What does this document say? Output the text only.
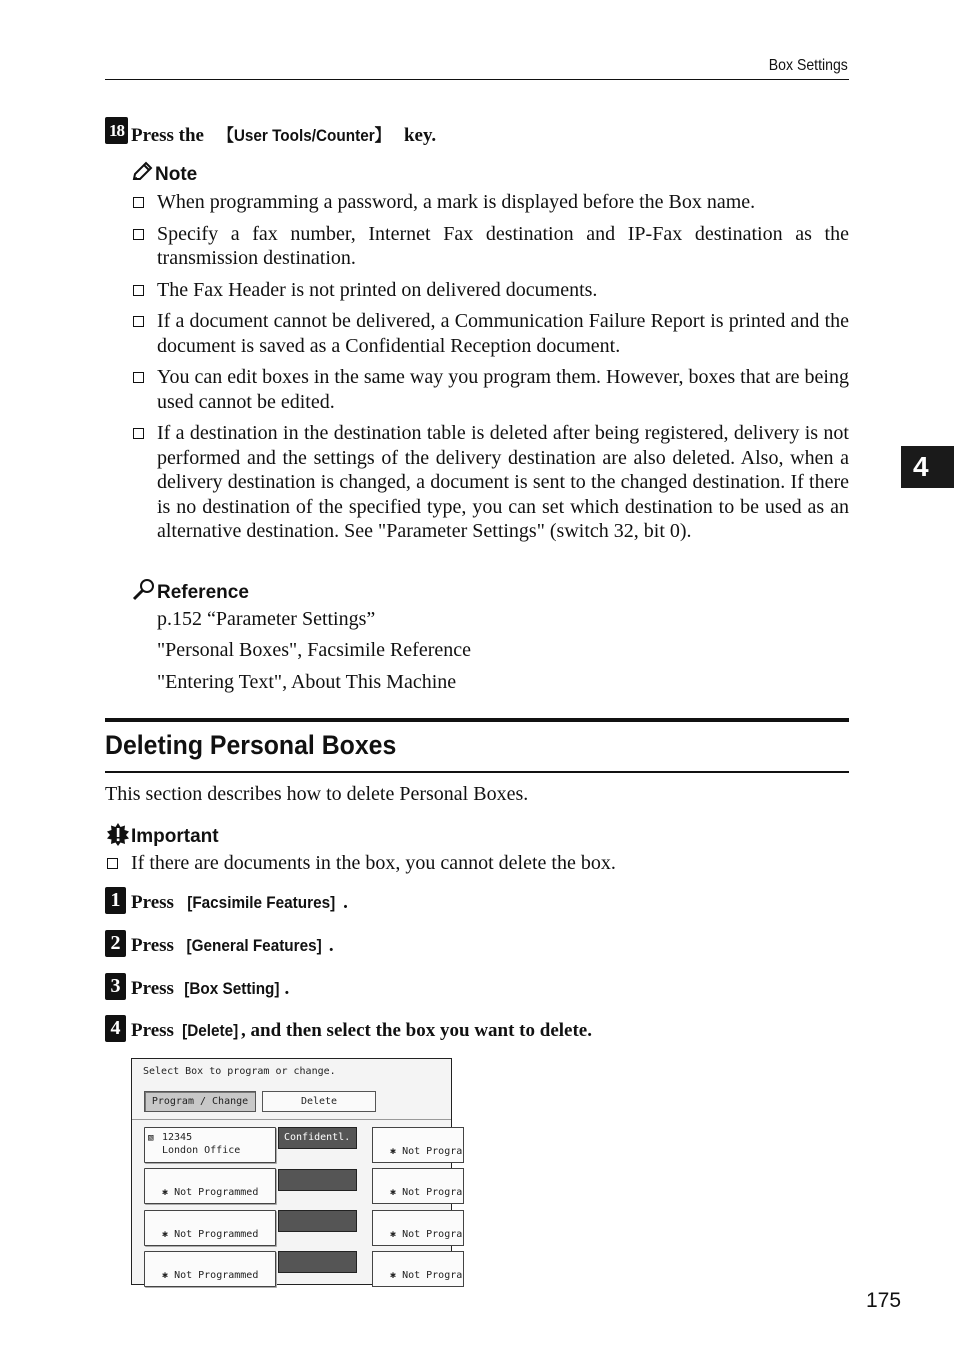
Box Settings
18 Press the 【User Tools/Counter】 key.
Note
When programming a password, a mark is displayed before the Box name.
Specify a fax number, Internet Fax destination and IP-Fax destination as the transmission destination.
The Fax Header is not printed on delivered documents.
If a document cannot be delivered, a Communication Failure Report is printed and the document is saved as a Confidential Reception document.
You can edit boxes in the same way you program them. However, boxes that are being used cannot be edited.
If a destination in the destination table is deleted after being registered, delivery is not performed and the settings of the delivery destination are also deleted. Also, when a delivery destination is changed, a document is sent to the changed destination. If there is no destination of the specified type, you can set which destination to be used as an alternative destination. See "Parameter Settings" (switch 32, bit 0).
Reference
p.152 “Parameter Settings”
"Personal Boxes", Facsimile Reference
"Entering Text", About This Machine
4
Deleting Personal Boxes
This section describes how to delete Personal Boxes.
Important
If there are documents in the box, you cannot delete the box.
1 Press [Facsimile Features] .
2 Press [General Features] .
3 Press [Box Setting] .
4 Press [Delete] , and then select the box you want to delete.
Select Box to program or change.
Program / Change	Delete
▧ 12345
London Office
Confidentl.
✱ Not Progra
✱ Not Programmed	✱ Not Progra
✱ Not Programmed	✱ Not Progra
✱ Not Programmed	✱ Not Progra
175
